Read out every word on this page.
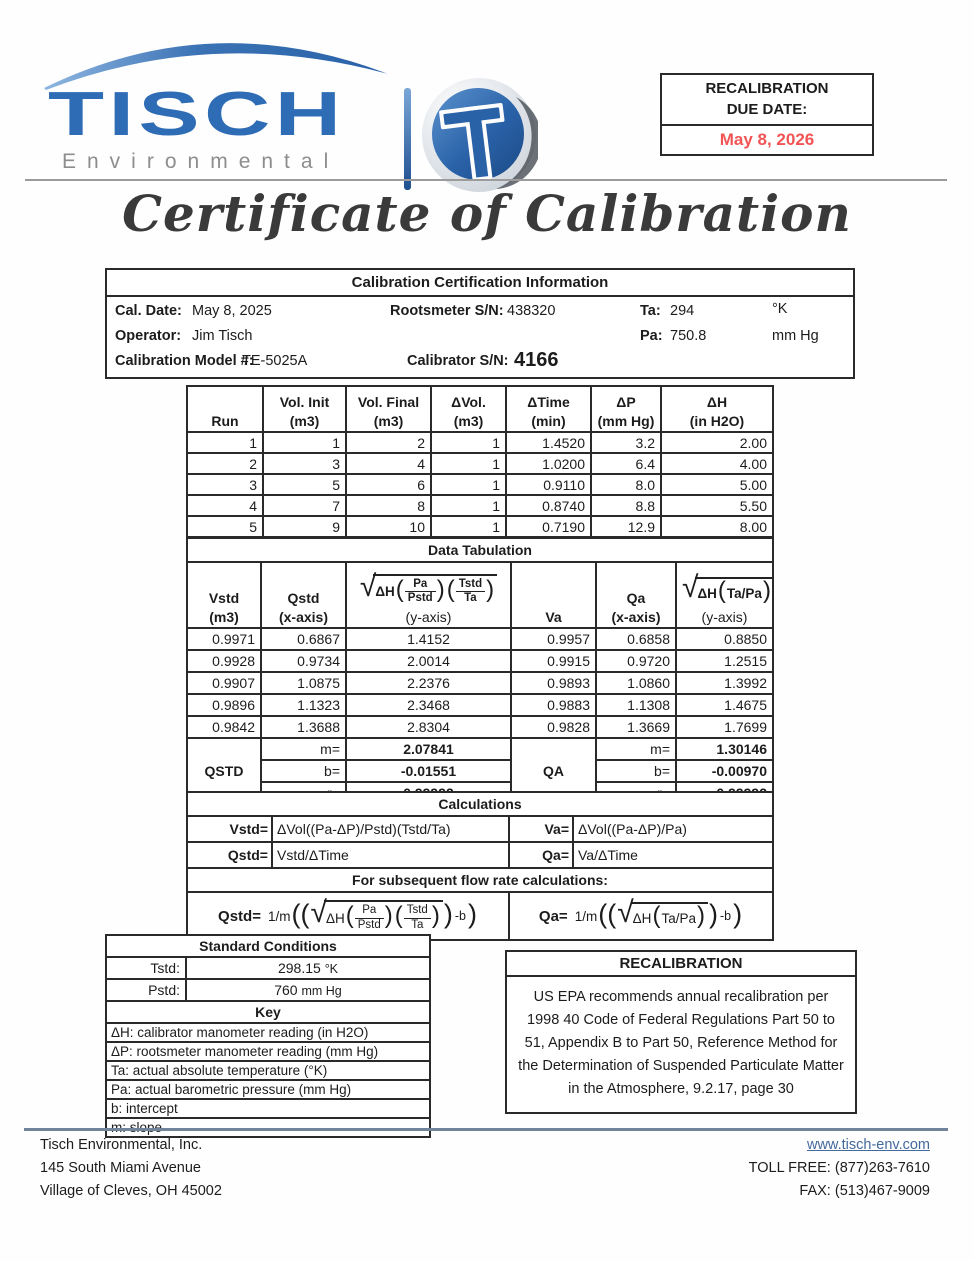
TISCH
Environmental
RECALIBRATION
DUE DATE:
May 8, 2026
Certificate of Calibration
Calibration Certification Information
Cal. Date: May 8, 2025	Rootsmeter S/N: 438320	Ta: 294	°K
Operator: Jim Tisch	Pa: 750.8	mm Hg
Calibration Model #:
TE-5025A	Calibrator S/N: 4166
Run

Vol. Init
(m3)

Vol. Final
(m3)

ΔVol.
(m3)

ΔTime
(min)

ΔP
(mm Hg)

ΔH
(in H2O)

1	1	2	1	1.4520	3.2	2.00
2	3	4	1	1.0200	6.4	4.00
3	5	6	1	0.9110	8.0	5.00
4	7	8	1	0.8740	8.8	5.50
5	9	10	1	0.7190	12.9	8.00
Data Tabulation					

Vstd
(m3)

Qstd
(x-axis)

√ ΔH ( $\frac{Pa}{\text{Pstd}}$ ) ( $\frac{\text{Tstd}}{Ta}$ )
(y-axis)	Va

Qa
(x-axis)

√ ΔH ( Ta/Pa )
(y-axis)

0.9971	0.6867	1.4152	0.9957	0.6858	0.8850
0.9928	0.9734	2.0014	0.9915	0.9720	1.2515
0.9907	1.0875	2.2376	0.9893	1.0860	1.3992
0.9896	1.1323	2.3468	0.9883	1.1308	1.4675
0.9842	1.3688	2.8304	0.9828	1.3669	1.7699
QSTD	m=	2.07841	QA	m=	1.30146
	b=	-0.01551		b=	-0.00970

Calculations			
Vstd=	ΔVol((Pa-ΔP)/Pstd)(Tstd/Ta)	Va=	ΔVol((Pa-ΔP)/Pa)
Qstd=	Vstd/ΔTime	Qa=	Va/ΔTime
For subsequent flow rate calculations:			

Qstd= 1/m (( √ ΔH ( $\frac{Pa}{\text{Pstd}}$ ) ( $\frac{\text{Tstd}}{Ta}$ ) ) -b )	Qa= 1/m (( √ ΔH ( Ta/Pa ) ) -b )
Standard Conditions	
Tstd:	298.15 °K
Pstd:	760 mm Hg
Key	
ΔH: calibrator manometer reading (in H2O)	
ΔP: rootsmeter manometer reading (mm Hg)	
Ta: actual absolute temperature (°K)	
Pa: actual barometric pressure (mm Hg)	
b: intercept	

RECALIBRATION
US EPA recommends annual recalibration per 1998 40 Code of Federal Regulations Part 50 to 51, Appendix B to Part 50, Reference Method for the Determination of Suspended Particulate Matter in the Atmosphere, 9.2.17, page 30
Tisch Environmental, Inc.
145 South Miami Avenue
Village of Cleves, OH 45002
www.tisch-env.com
TOLL FREE: (877)263-7610
FAX: (513)467-9009
